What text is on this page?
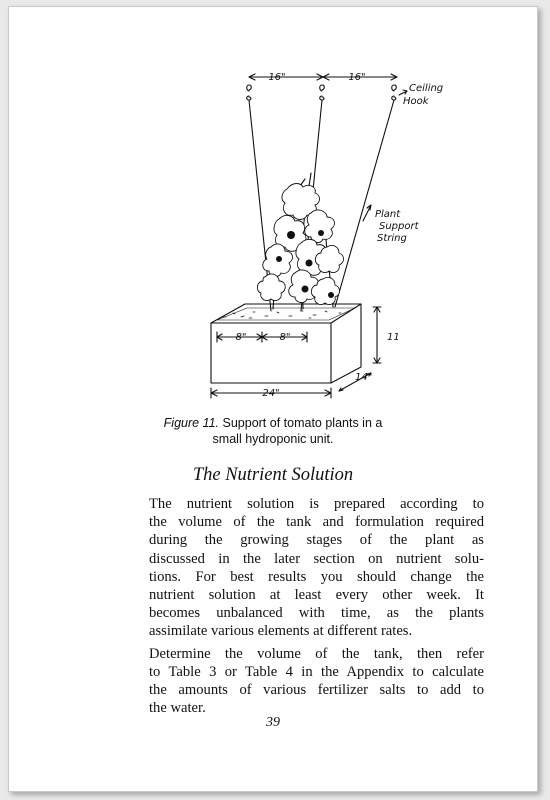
16"	16"
Ceiling
Hook
Plant
Support
String
8"	8"	11
14"
24"
Figure 11. Support of tomato plants in a
small hydroponic unit.
The Nutrient Solution

The nutrient solution is prepared according to
the volume of the tank and formulation required
during the growing stages of the plant as
discussed in the later section on nutrient solu-
tions. For best results you should change the
nutrient solution at least every other week. It
becomes unbalanced with time, as the plants
assimilate various elements at different rates.

Determine the volume of the tank, then refer
to Table 3 or Table 4 in the Appendix to calculate
the amounts of various fertilizer salts to add to
the water.

39
